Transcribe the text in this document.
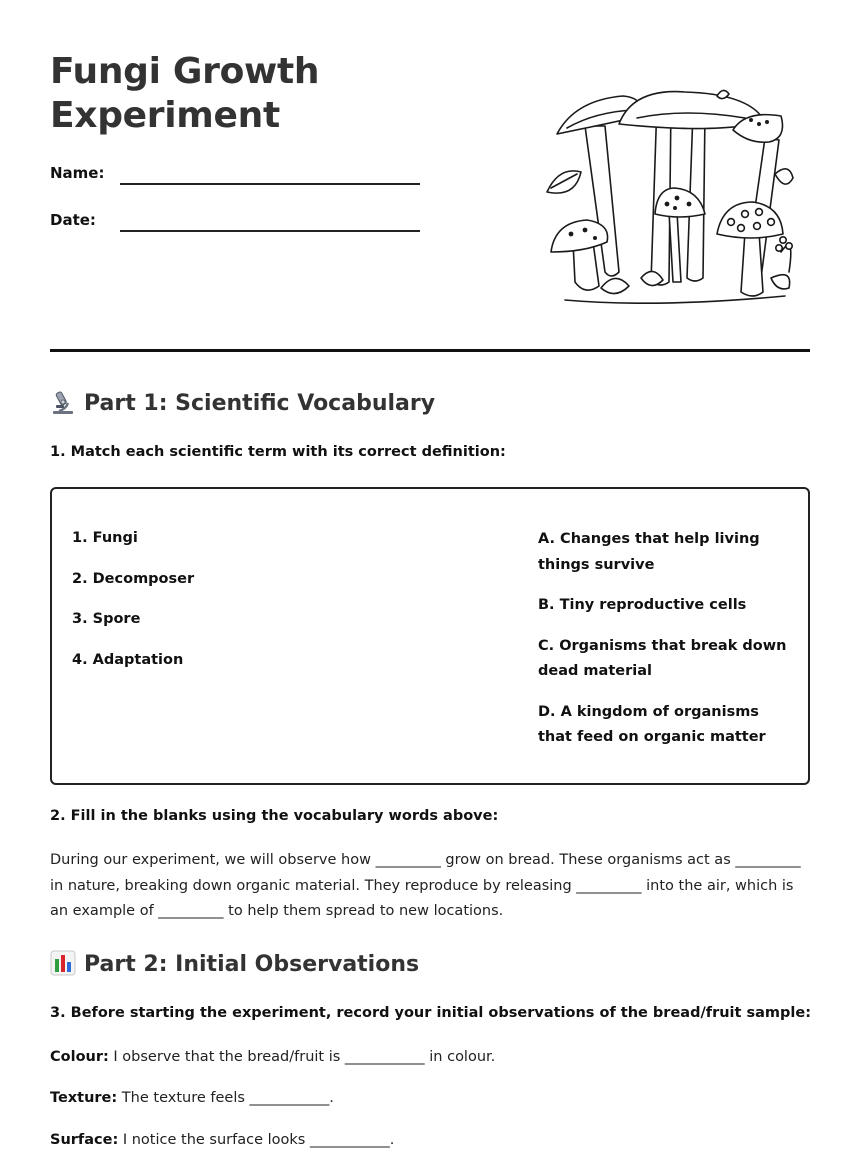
Fungi Growth Experiment
Name:
Date:
Part 1: Scientific Vocabulary

1. Match each scientific term with its correct definition:

1. Fungi
2. Decomposer
3. Spore
4. Adaptation
A. Changes that help living things survive
B. Tiny reproductive cells
C. Organisms that break down dead material
D. A kingdom of organisms that feed on organic matter

2. Fill in the blanks using the vocabulary words above:

During our experiment, we will observe how _________ grow on bread. These organisms act as _________ in nature, breaking down organic material. They reproduce by releasing _________ into the air, which is an example of _________ to help them spread to new locations.

Part 2: Initial Observations

3. Before starting the experiment, record your initial observations of the bread/fruit sample:

Colour: I observe that the bread/fruit is ___________ in colour.

Texture: The texture feels ___________.

Surface: I notice the surface looks ___________.
